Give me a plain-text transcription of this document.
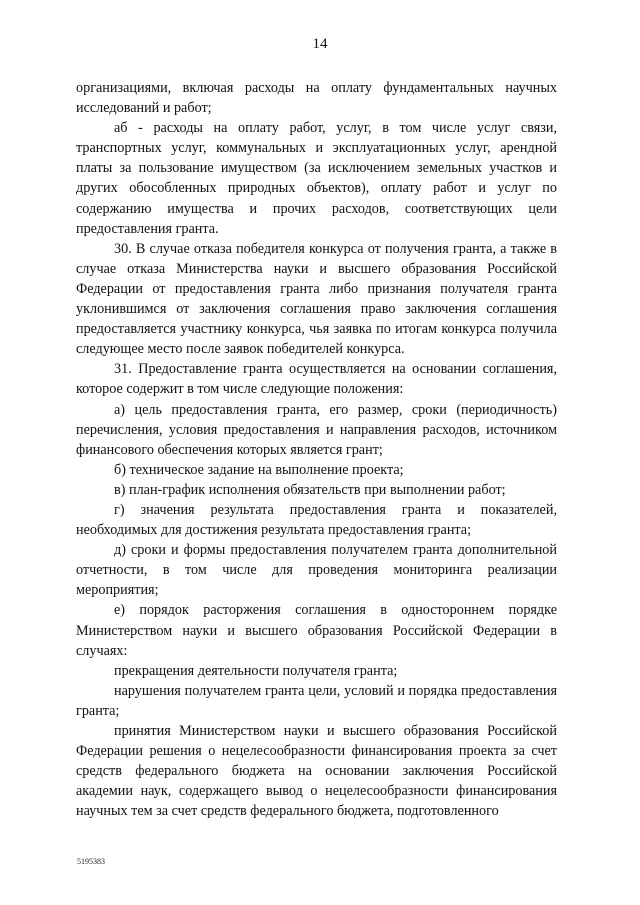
14

организациями, включая расходы на оплату фундаментальных научных исследований и работ;

аб - расходы на оплату работ, услуг, в том числе услуг связи, транспортных услуг, коммунальных и эксплуатационных услуг, арендной платы за пользование имуществом (за исключением земельных участков и других обособленных природных объектов), оплату работ и услуг по содержанию имущества и прочих расходов, соответствующих цели предоставления гранта.

30. В случае отказа победителя конкурса от получения гранта, а также в случае отказа Министерства науки и высшего образования Российской Федерации от предоставления гранта либо признания получателя гранта уклонившимся от заключения соглашения право заключения соглашения предоставляется участнику конкурса, чья заявка по итогам конкурса получила следующее место после заявок победителей конкурса.

31. Предоставление гранта осуществляется на основании соглашения, которое содержит в том числе следующие положения:

а) цель предоставления гранта, его размер, сроки (периодичность) перечисления, условия предоставления и направления расходов, источником финансового обеспечения которых является грант;

б) техническое задание на выполнение проекта;

в) план-график исполнения обязательств при выполнении работ;

г) значения результата предоставления гранта и показателей, необходимых для достижения результата предоставления гранта;

д) сроки и формы предоставления получателем гранта дополнительной отчетности, в том числе для проведения мониторинга реализации мероприятия;

е) порядок расторжения соглашения в одностороннем порядке Министерством науки и высшего образования Российской Федерации в случаях:

прекращения деятельности получателя гранта;

нарушения получателем гранта цели, условий и порядка предоставления гранта;

принятия Министерством науки и высшего образования Российской Федерации решения о нецелесообразности финансирования проекта за счет средств федерального бюджета на основании заключения Российской академии наук, содержащего вывод о нецелесообразности финансирования научных тем за счет средств федерального бюджета, подготовленного

5195383
